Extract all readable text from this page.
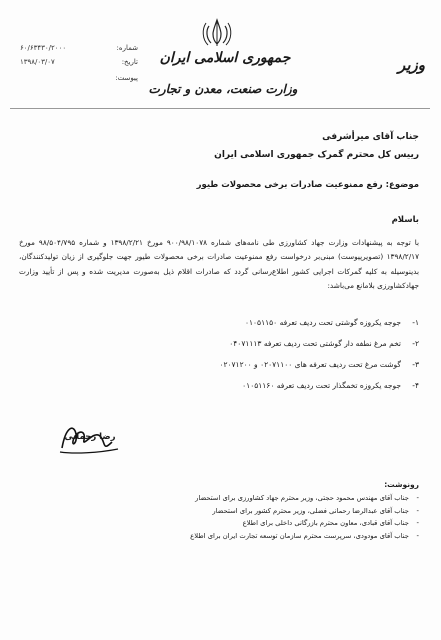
جمهوری اسلامی ایران
وزارت صنعت، معدن و تجارت
وزیر
شماره:
۶۰/۶۳۴۳۰/۲۰۰۰
تاریخ:
۱۳۹۸/۰۳/۰۷
پیوست:
جناب آقای میرأشرفی
رییس کل محترم گمرک جمهوری اسلامی ایران
موضوع: رفع ممنوعیت صادرات برخی محصولات طیور
باسلام
با توجه به پیشنهادات وزارت جهاد کشاورزی طی نامه‌های شماره ۹۰۰/۹۸/۱۰۷۸ مورخ ۱۳۹۸/۲/۲۱ و شماره ۹۸/۵۰۴/۷۹۵ مورخ ۱۳۹۸/۲/۱۷ (تصویرپیوست) مبنی‌بر درخواست رفع ممنوعیت صادرات برخی محصولات طیور جهت جلوگیری از زیان تولیدکنندگان، بدینوسیله به کلیه گمرکات اجرایی کشور اطلاع‌رسانی گردد که صادرات اقلام ذیل به‌صورت مدیریت شده و پس از تأیید وزارت جهادکشاورزی بلامانع می‌باشد:
۱-
جوجه یکروزه گوشتی تحت ردیف تعرفه ۰۱۰۵۱۱۵۰
۲-
تخم مرغ نطفه دار گوشتی تحت ردیف تعرفه ۰۴۰۷۱۱۱۳
۳-
گوشت مرغ تحت ردیف تعرفه های ۰۲۰۷۱۱۰۰ و ۰۲۰۷۱۲۰۰
۴-
جوجه یکروزه تخمگذار تحت ردیف تعرفه ۰۱۰۵۱۱۶۰
رضا رحمانی
رونوشت:
-
جناب آقای مهندس محمود حجتی، وزیر محترم جهاد کشاورزی برای استحضار
-
جناب آقای عبدالرضا رحمانی فضلی، وزیر محترم کشور برای استحضار
-
جناب آقای قبادی، معاون محترم بازرگانی داخلی برای اطلاع
-
جناب آقای مودودی، سرپرست محترم سازمان توسعه تجارت ایران برای اطلاع
